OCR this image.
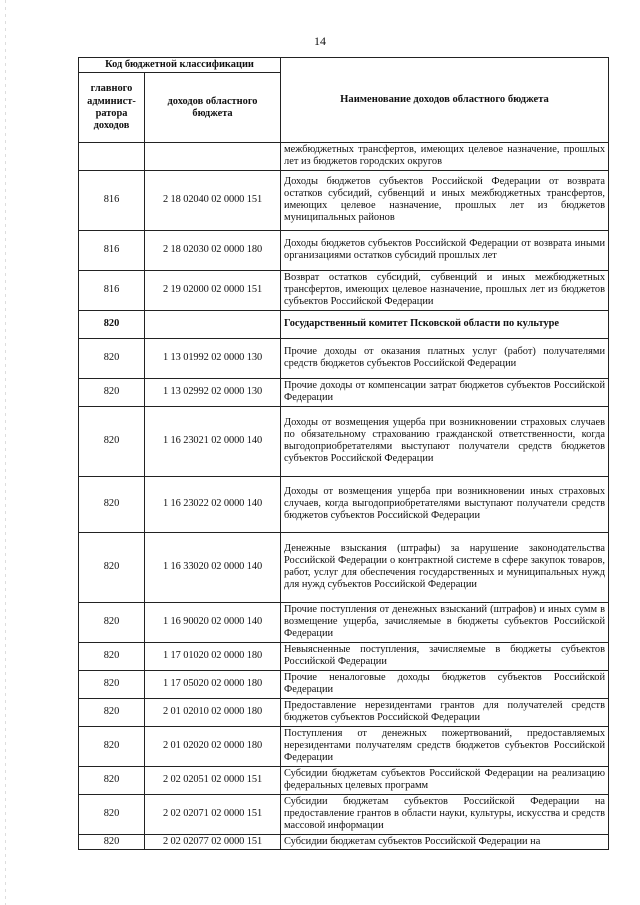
14
Код бюджетной классификации		Наименование доходов областного бюджета
главного админист-ратора доходов	доходов областного бюджета	
		межбюджетных трансфертов, имеющих целевое назначение, прошлых лет из бюджетов городских округов
816	2 18 02040 02 0000 151	Доходы бюджетов субъектов Российской Федерации от возврата остатков субсидий, субвенций и иных межбюджетных трансфертов, имеющих целевое назначение, прошлых лет из бюджетов муниципальных районов
816	2 18 02030 02 0000 180	Доходы бюджетов субъектов Российской Федерации от возврата иными организациями остатков субсидий прошлых лет
816	2 19 02000 02 0000 151	Возврат остатков субсидий, субвенций и иных межбюджетных трансфертов, имеющих целевое назначение, прошлых лет из бюджетов субъектов Российской Федерации
820		Государственный комитет Псковской области по культуре
820	1 13 01992 02 0000 130	Прочие доходы от оказания платных услуг (работ) получателями средств бюджетов субъектов Российской Федерации
820	1 13 02992 02 0000 130	Прочие доходы от компенсации затрат бюджетов субъектов Российской Федерации
820	1 16 23021 02 0000 140	Доходы от возмещения ущерба при возникновении страховых случаев по обязательному страхованию гражданской ответственности, когда выгодоприобретателями выступают получатели средств бюджетов субъектов Российской Федерации
820	1 16 23022 02 0000 140	Доходы от возмещения ущерба при возникновении иных страховых случаев, когда выгодоприобретателями выступают получатели средств бюджетов субъектов Российской Федерации
820	1 16 33020 02 0000 140	Денежные взыскания (штрафы) за нарушение законодательства Российской Федерации о контрактной системе в сфере закупок товаров, работ, услуг для обеспечения государственных и муниципальных нужд для нужд субъектов Российской Федерации
820	1 16 90020 02 0000 140	Прочие поступления от денежных взысканий (штрафов) и иных сумм в возмещение ущерба, зачисляемые в бюджеты субъектов Российской Федерации
820	1 17 01020 02 0000 180	Невыясненные поступления, зачисляемые в бюджеты субъектов Российской Федерации
820	1 17 05020 02 0000 180	Прочие неналоговые доходы бюджетов субъектов Российской Федерации
820	2 01 02010 02 0000 180	Предоставление нерезидентами грантов для получателей средств бюджетов субъектов Российской Федерации
820	2 01 02020 02 0000 180	Поступления от денежных пожертвований, предоставляемых нерезидентами получателям средств бюджетов субъектов Российской Федерации
820	2 02 02051 02 0000 151	Субсидии бюджетам субъектов Российской Федерации на реализацию федеральных целевых программ
820	2 02 02071 02 0000 151	Субсидии бюджетам субъектов Российской Федерации на предоставление грантов в области науки, культуры, искусства и средств массовой информации
820	2 02 02077 02 0000 151	Субсидии бюджетам субъектов Российской Федерации на
